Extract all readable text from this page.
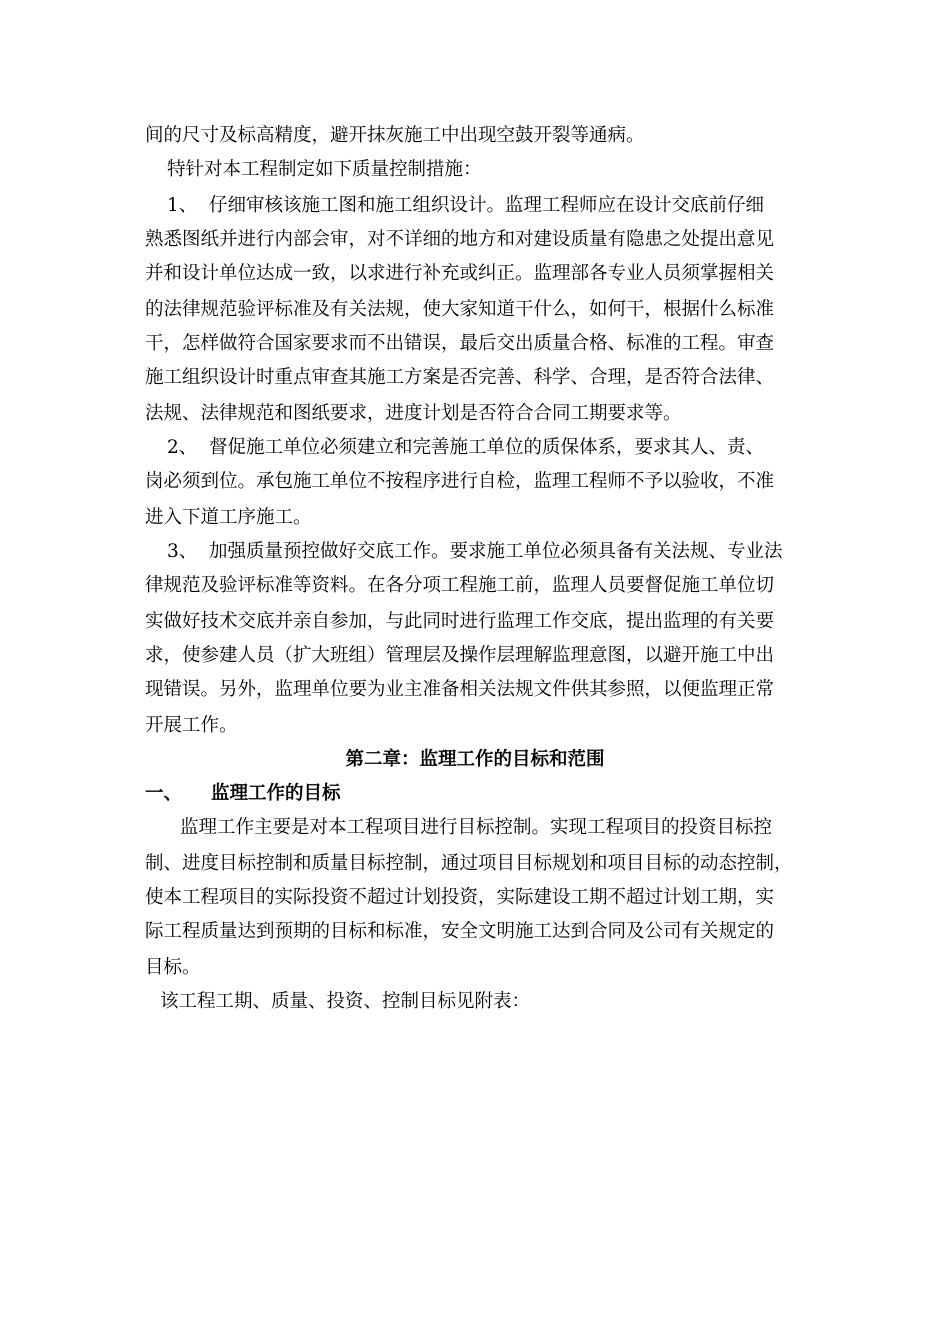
间的尺寸及标高精度，避开抹灰施工中出现空鼓开裂等通病。
特针对本工程制定如下质量控制措施：
1、 仔细审核该施工图和施工组织设计。监理工程师应在设计交底前仔细
熟悉图纸并进行内部会审，对不详细的地方和对建设质量有隐患之处提出意见
并和设计单位达成一致，以求进行补充或纠正。监理部各专业人员须掌握相关
的法律规范验评标准及有关法规，使大家知道干什么，如何干，根据什么标准
干，怎样做符合国家要求而不出错误，最后交出质量合格、标准的工程。审查
施工组织设计时重点审查其施工方案是否完善、科学、合理，是否符合法律、
法规、法律规范和图纸要求，进度计划是否符合合同工期要求等。
2、 督促施工单位必须建立和完善施工单位的质保体系，要求其人、责、
岗必须到位。承包施工单位不按程序进行自检，监理工程师不予以验收，不准
进入下道工序施工。
3、 加强质量预控做好交底工作。要求施工单位必须具备有关法规、专业法
律规范及验评标准等资料。在各分项工程施工前，监理人员要督促施工单位切
实做好技术交底并亲自参加，与此同时进行监理工作交底，提出监理的有关要
求，使参建人员（扩大班组）管理层及操作层理解监理意图，以避开施工中出
现错误。另外，监理单位要为业主准备相关法规文件供其参照，以便监理正常
开展工作。
第二章：监理工作的目标和范围
一、 监理工作的目标
监理工作主要是对本工程项目进行目标控制。实现工程项目的投资目标控
制、进度目标控制和质量目标控制，通过项目目标规划和项目目标的动态控制，
使本工程项目的实际投资不超过计划投资，实际建设工期不超过计划工期，实
际工程质量达到预期的目标和标准，安全文明施工达到合同及公司有关规定的
目标。
该工程工期、质量、投资、控制目标见附表：
